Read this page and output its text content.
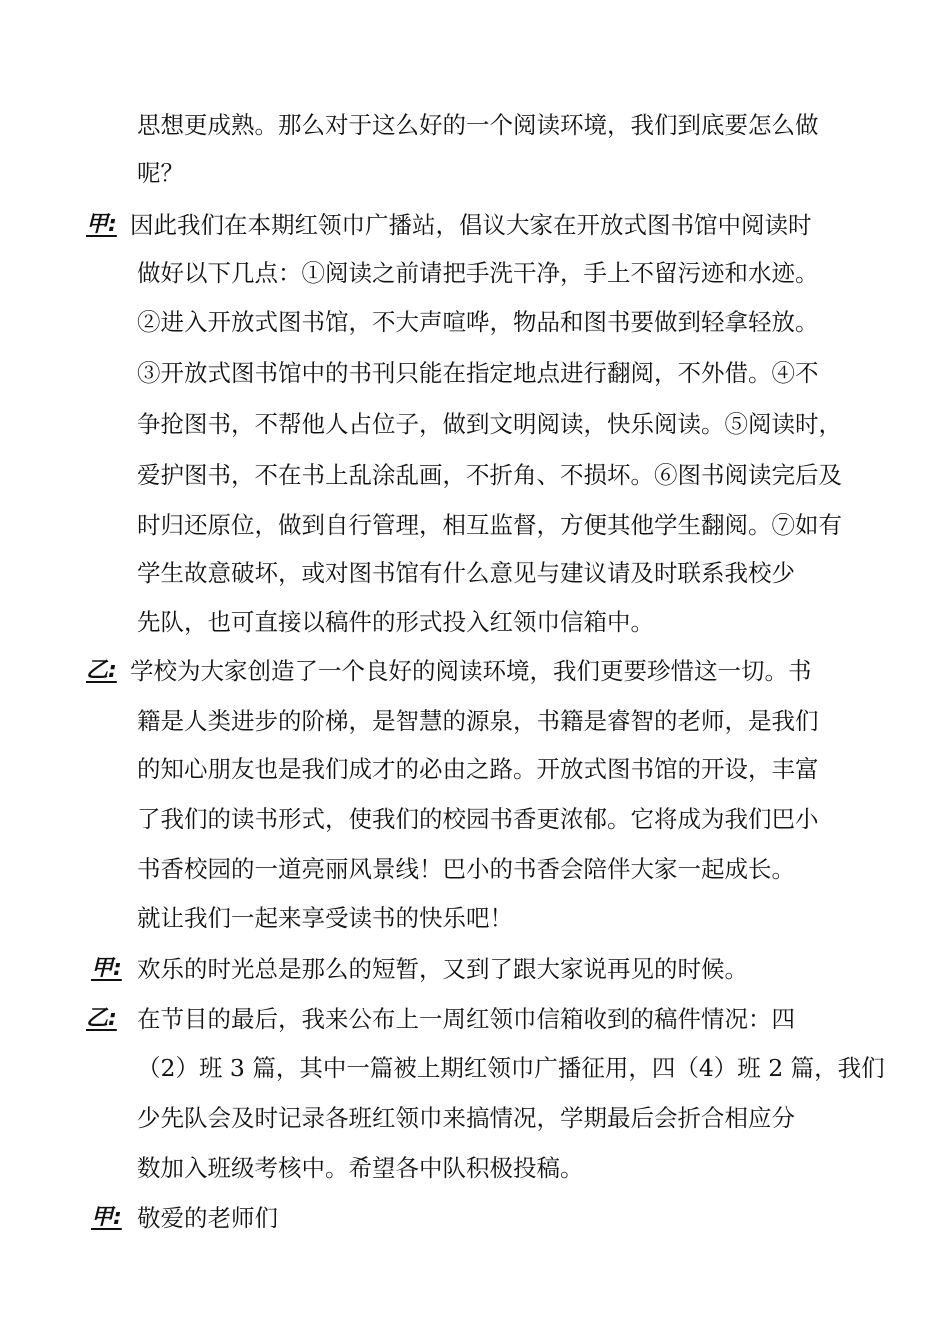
思想更成熟。那么对于这么好的一个阅读环境，我们到底要怎么做
呢？
甲: 因此我们在本期红领巾广播站，倡议大家在开放式图书馆中阅读时
做好以下几点：①阅读之前请把手洗干净，手上不留污迹和水迹。
②进入开放式图书馆，不大声喧哗，物品和图书要做到轻拿轻放。
③开放式图书馆中的书刊只能在指定地点进行翻阅，不外借。④不
争抢图书，不帮他人占位子，做到文明阅读，快乐阅读。⑤阅读时，
爱护图书，不在书上乱涂乱画，不折角、不损坏。⑥图书阅读完后及
时归还原位，做到自行管理，相互监督，方便其他学生翻阅。⑦如有
学生故意破坏，或对图书馆有什么意见与建议请及时联系我校少
先队，也可直接以稿件的形式投入红领巾信箱中。
乙: 学校为大家创造了一个良好的阅读环境，我们更要珍惜这一切。书
籍是人类进步的阶梯，是智慧的源泉，书籍是睿智的老师，是我们
的知心朋友也是我们成才的必由之路。开放式图书馆的开设，丰富
了我们的读书形式，使我们的校园书香更浓郁。它将成为我们巴小
书香校园的一道亮丽风景线！巴小的书香会陪伴大家一起成长。
就让我们一起来享受读书的快乐吧！
甲: 欢乐的时光总是那么的短暂，又到了跟大家说再见的时候。
乙: 在节目的最后，我来公布上一周红领巾信箱收到的稿件情况：四
（2）班 3 篇，其中一篇被上期红领巾广播征用，四（4）班 2 篇，我们
少先队会及时记录各班红领巾来搞情况，学期最后会折合相应分
数加入班级考核中。希望各中队积极投稿。
甲: 敬爱的老师们
